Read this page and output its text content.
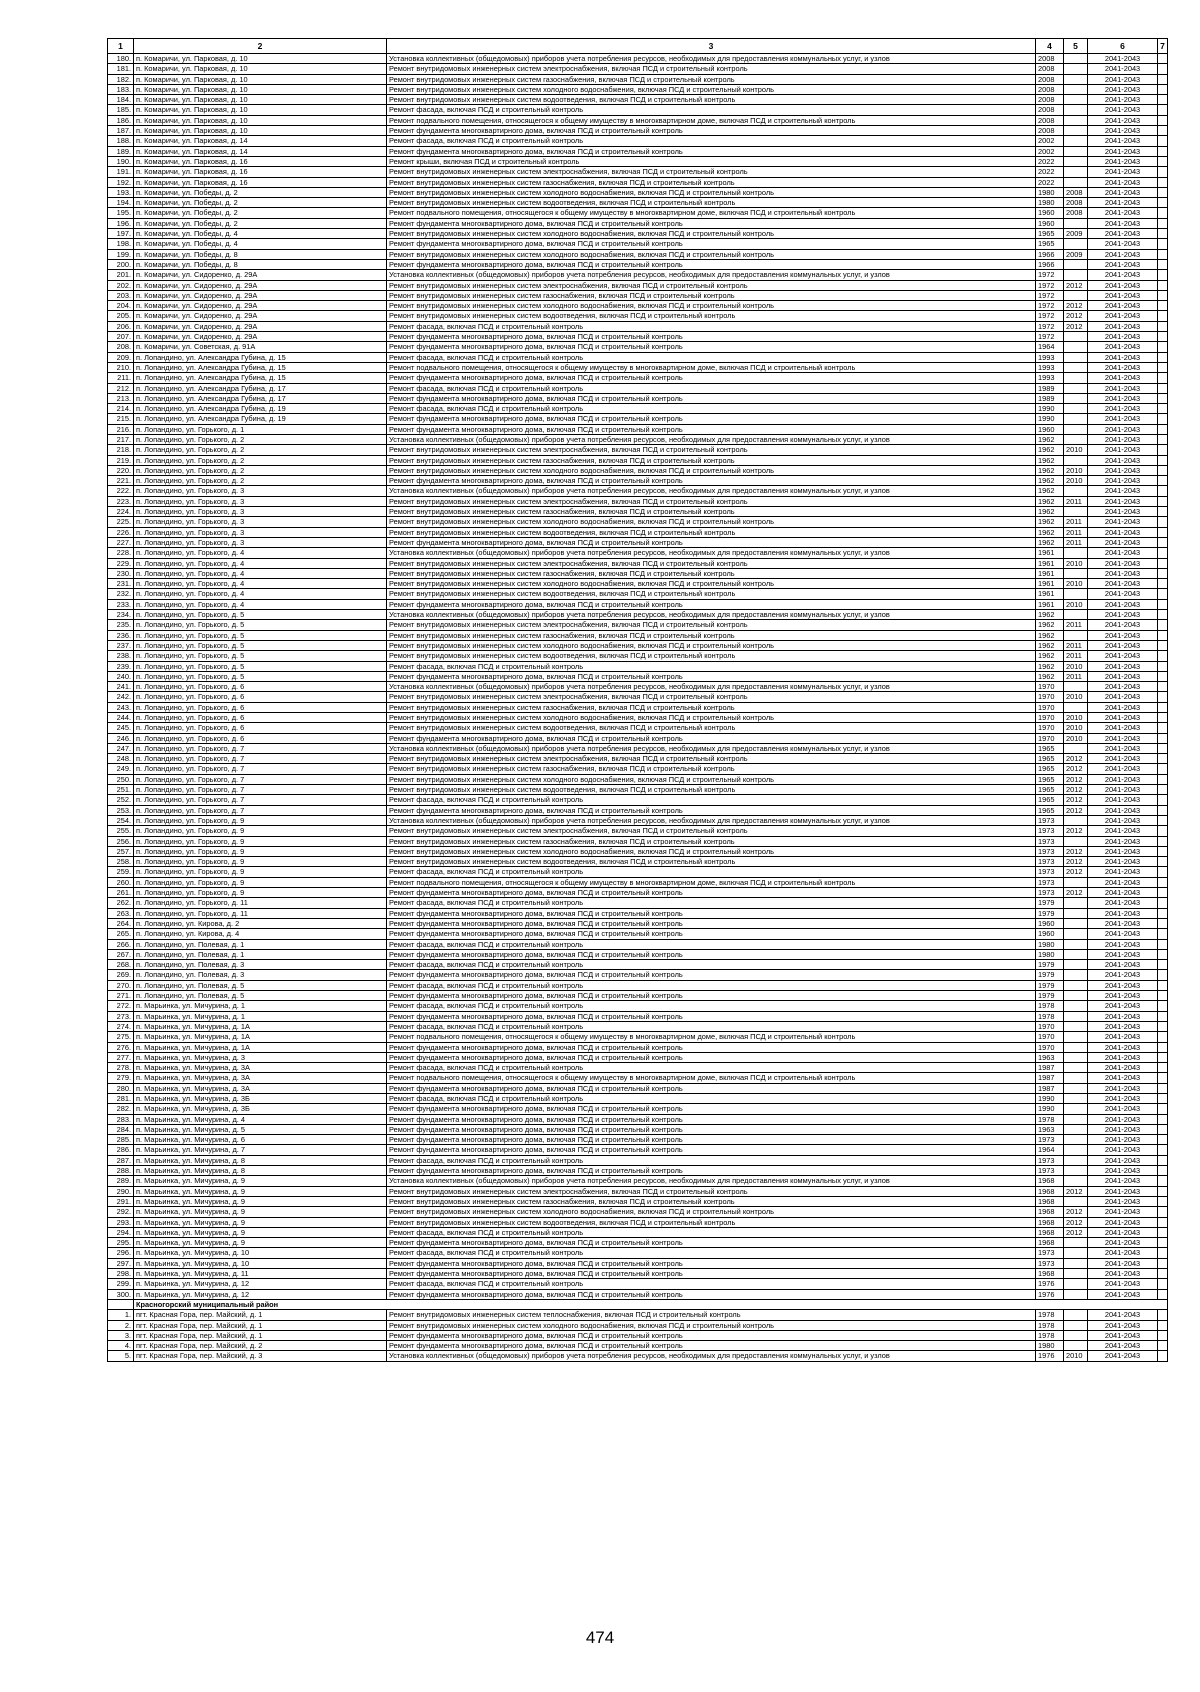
1	2	3	4	5	6	7
180.	п. Комаричи, ул. Парковая, д. 10	Установка коллективных (общедомовых) приборов учета потребления ресурсов, необходимых для предоставления коммунальных услуг, и узлов	2008		2041-2043	
181.	п. Комаричи, ул. Парковая, д. 10	Ремонт внутридомовых инженерных систем электроснабжения, включая ПСД и строительный контроль	2008		2041-2043	
182.	п. Комаричи, ул. Парковая, д. 10	Ремонт внутридомовых инженерных систем газоснабжения, включая ПСД и строительный контроль	2008		2041-2043	
183.	п. Комаричи, ул. Парковая, д. 10	Ремонт внутридомовых инженерных систем холодного водоснабжения, включая ПСД и строительный контроль	2008		2041-2043	
184.	п. Комаричи, ул. Парковая, д. 10	Ремонт внутридомовых инженерных систем водоотведения, включая ПСД и строительный контроль	2008		2041-2043	
185.	п. Комаричи, ул. Парковая, д. 10	Ремонт фасада, включая ПСД и строительный контроль	2008		2041-2043	
186.	п. Комаричи, ул. Парковая, д. 10	Ремонт подвального помещения, относящегося к общему имуществу в многоквартирном доме, включая ПСД и строительный контроль	2008		2041-2043	
187.	п. Комаричи, ул. Парковая, д. 10	Ремонт фундамента многоквартирного дома, включая ПСД и строительный контроль	2008		2041-2043	
188.	п. Комаричи, ул. Парковая, д. 14	Ремонт фасада, включая ПСД и строительный контроль	2002		2041-2043	
189.	п. Комаричи, ул. Парковая, д. 14	Ремонт фундамента многоквартирного дома, включая ПСД и строительный контроль	2002		2041-2043	
190.	п. Комаричи, ул. Парковая, д. 16	Ремонт крыши, включая ПСД и строительный контроль	2022		2041-2043	
191.	п. Комаричи, ул. Парковая, д. 16	Ремонт внутридомовых инженерных систем электроснабжения, включая ПСД и строительный контроль	2022		2041-2043	
192.	п. Комаричи, ул. Парковая, д. 16	Ремонт внутридомовых инженерных систем газоснабжения, включая ПСД и строительный контроль	2022		2041-2043	
193.	п. Комаричи, ул. Победы, д. 2	Ремонт внутридомовых инженерных систем холодного водоснабжения, включая ПСД и строительный контроль	1980	2008	2041-2043	
194.	п. Комаричи, ул. Победы, д. 2	Ремонт внутридомовых инженерных систем водоотведения, включая ПСД и строительный контроль	1980	2008	2041-2043	
195.	п. Комаричи, ул. Победы, д. 2	Ремонт подвального помещения, относящегося к общему имуществу в многоквартирном доме, включая ПСД и строительный контроль	1960	2008	2041-2043	
196.	п. Комаричи, ул. Победы, д. 2	Ремонт фундамента многоквартирного дома, включая ПСД и строительный контроль	1960		2041-2043	
197.	п. Комаричи, ул. Победы, д. 4	Ремонт внутридомовых инженерных систем холодного водоснабжения, включая ПСД и строительный контроль	1965	2009	2041-2043	
198.	п. Комаричи, ул. Победы, д. 4	Ремонт фундамента многоквартирного дома, включая ПСД и строительный контроль	1965		2041-2043	
199.	п. Комаричи, ул. Победы, д. 8	Ремонт внутридомовых инженерных систем холодного водоснабжения, включая ПСД и строительный контроль	1966	2009	2041-2043	
200.	п. Комаричи, ул. Победы, д. 8	Ремонт фундамента многоквартирного дома, включая ПСД и строительный контроль	1966		2041-2043	
201.	п. Комаричи, ул. Сидоренко, д. 29А	Установка коллективных (общедомовых) приборов учета потребления ресурсов, необходимых для предоставления коммунальных услуг, и узлов	1972		2041-2043	
202.	п. Комаричи, ул. Сидоренко, д. 29А	Ремонт внутридомовых инженерных систем электроснабжения, включая ПСД и строительный контроль	1972	2012	2041-2043	
203.	п. Комаричи, ул. Сидоренко, д. 29А	Ремонт внутридомовых инженерных систем газоснабжения, включая ПСД и строительный контроль	1972		2041-2043	
204.	п. Комаричи, ул. Сидоренко, д. 29А	Ремонт внутридомовых инженерных систем холодного водоснабжения, включая ПСД и строительный контроль	1972	2012	2041-2043	
205.	п. Комаричи, ул. Сидоренко, д. 29А	Ремонт внутридомовых инженерных систем водоотведения, включая ПСД и строительный контроль	1972	2012	2041-2043	
206.	п. Комаричи, ул. Сидоренко, д. 29А	Ремонт фасада, включая ПСД и строительный контроль	1972	2012	2041-2043	
207.	п. Комаричи, ул. Сидоренко, д. 29А	Ремонт фундамента многоквартирного дома, включая ПСД и строительный контроль	1972		2041-2043	
208.	п. Комаричи, ул. Советская, д. 91А	Ремонт фундамента многоквартирного дома, включая ПСД и строительный контроль	1964		2041-2043	
209.	п. Лопандино, ул. Александра Губина, д. 15	Ремонт фасада, включая ПСД и строительный контроль	1993		2041-2043	
210.	п. Лопандино, ул. Александра Губина, д. 15	Ремонт подвального помещения, относящегося к общему имуществу в многоквартирном доме, включая ПСД и строительный контроль	1993		2041-2043	
211.	п. Лопандино, ул. Александра Губина, д. 15	Ремонт фундамента многоквартирного дома, включая ПСД и строительный контроль	1993		2041-2043	
212.	п. Лопандино, ул. Александра Губина, д. 17	Ремонт фасада, включая ПСД и строительный контроль	1989		2041-2043	
213.	п. Лопандино, ул. Александра Губина, д. 17	Ремонт фундамента многоквартирного дома, включая ПСД и строительный контроль	1989		2041-2043	
214.	п. Лопандино, ул. Александра Губина, д. 19	Ремонт фасада, включая ПСД и строительный контроль	1990		2041-2043	
215.	п. Лопандино, ул. Александра Губина, д. 19	Ремонт фундамента многоквартирного дома, включая ПСД и строительный контроль	1990		2041-2043	
216.	п. Лопандино, ул. Горького, д. 1	Ремонт фундамента многоквартирного дома, включая ПСД и строительный контроль	1960		2041-2043	
217.	п. Лопандино, ул. Горького, д. 2	Установка коллективных (общедомовых) приборов учета потребления ресурсов, необходимых для предоставления коммунальных услуг, и узлов	1962		2041-2043	
218.	п. Лопандино, ул. Горького, д. 2	Ремонт внутридомовых инженерных систем электроснабжения, включая ПСД и строительный контроль	1962	2010	2041-2043	
219.	п. Лопандино, ул. Горького, д. 2	Ремонт внутридомовых инженерных систем газоснабжения, включая ПСД и строительный контроль	1962		2041-2043	
220.	п. Лопандино, ул. Горького, д. 2	Ремонт внутридомовых инженерных систем холодного водоснабжения, включая ПСД и строительный контроль	1962	2010	2041-2043	
221.	п. Лопандино, ул. Горького, д. 2	Ремонт фундамента многоквартирного дома, включая ПСД и строительный контроль	1962	2010	2041-2043	
222.	п. Лопандино, ул. Горького, д. 3	Установка коллективных (общедомовых) приборов учета потребления ресурсов, необходимых для предоставления коммунальных услуг, и узлов	1962		2041-2043	
223.	п. Лопандино, ул. Горького, д. 3	Ремонт внутридомовых инженерных систем электроснабжения, включая ПСД и строительный контроль	1962	2011	2041-2043	
224.	п. Лопандино, ул. Горького, д. 3	Ремонт внутридомовых инженерных систем газоснабжения, включая ПСД и строительный контроль	1962		2041-2043	
225.	п. Лопандино, ул. Горького, д. 3	Ремонт внутридомовых инженерных систем холодного водоснабжения, включая ПСД и строительный контроль	1962	2011	2041-2043	
226.	п. Лопандино, ул. Горького, д. 3	Ремонт внутридомовых инженерных систем водоотведения, включая ПСД и строительный контроль	1962	2011	2041-2043	
227.	п. Лопандино, ул. Горького, д. 3	Ремонт фундамента многоквартирного дома, включая ПСД и строительный контроль	1962	2011	2041-2043	
228.	п. Лопандино, ул. Горького, д. 4	Установка коллективных (общедомовых) приборов учета потребления ресурсов, необходимых для предоставления коммунальных услуг, и узлов	1961		2041-2043	
229.	п. Лопандино, ул. Горького, д. 4	Ремонт внутридомовых инженерных систем электроснабжения, включая ПСД и строительный контроль	1961	2010	2041-2043	
230.	п. Лопандино, ул. Горького, д. 4	Ремонт внутридомовых инженерных систем газоснабжения, включая ПСД и строительный контроль	1961		2041-2043	
231.	п. Лопандино, ул. Горького, д. 4	Ремонт внутридомовых инженерных систем холодного водоснабжения, включая ПСД и строительный контроль	1961	2010	2041-2043	
232.	п. Лопандино, ул. Горького, д. 4	Ремонт внутридомовых инженерных систем водоотведения, включая ПСД и строительный контроль	1961		2041-2043	
233.	п. Лопандино, ул. Горького, д. 4	Ремонт фундамента многоквартирного дома, включая ПСД и строительный контроль	1961	2010	2041-2043	
234.	п. Лопандино, ул. Горького, д. 5	Установка коллективных (общедомовых) приборов учета потребления ресурсов, необходимых для предоставления коммунальных услуг, и узлов	1962		2041-2043	
235.	п. Лопандино, ул. Горького, д. 5	Ремонт внутридомовых инженерных систем электроснабжения, включая ПСД и строительный контроль	1962	2011	2041-2043	
236.	п. Лопандино, ул. Горького, д. 5	Ремонт внутридомовых инженерных систем газоснабжения, включая ПСД и строительный контроль	1962		2041-2043	
237.	п. Лопандино, ул. Горького, д. 5	Ремонт внутридомовых инженерных систем холодного водоснабжения, включая ПСД и строительный контроль	1962	2011	2041-2043	
238.	п. Лопандино, ул. Горького, д. 5	Ремонт внутридомовых инженерных систем водоотведения, включая ПСД и строительный контроль	1962	2011	2041-2043	
239.	п. Лопандино, ул. Горького, д. 5	Ремонт фасада, включая ПСД и строительный контроль	1962	2010	2041-2043	
240.	п. Лопандино, ул. Горького, д. 5	Ремонт фундамента многоквартирного дома, включая ПСД и строительный контроль	1962	2011	2041-2043	
241.	п. Лопандино, ул. Горького, д. 6	Установка коллективных (общедомовых) приборов учета потребления ресурсов, необходимых для предоставления коммунальных услуг, и узлов	1970		2041-2043	
242.	п. Лопандино, ул. Горького, д. 6	Ремонт внутридомовых инженерных систем электроснабжения, включая ПСД и строительный контроль	1970	2010	2041-2043	
243.	п. Лопандино, ул. Горького, д. 6	Ремонт внутридомовых инженерных систем газоснабжения, включая ПСД и строительный контроль	1970		2041-2043	
244.	п. Лопандино, ул. Горького, д. 6	Ремонт внутридомовых инженерных систем холодного водоснабжения, включая ПСД и строительный контроль	1970	2010	2041-2043	
245.	п. Лопандино, ул. Горького, д. 6	Ремонт внутридомовых инженерных систем водоотведения, включая ПСД и строительный контроль	1970	2010	2041-2043	
246.	п. Лопандино, ул. Горького, д. 6	Ремонт фундамента многоквартирного дома, включая ПСД и строительный контроль	1970	2010	2041-2043	
247.	п. Лопандино, ул. Горького, д. 7	Установка коллективных (общедомовых) приборов учета потребления ресурсов, необходимых для предоставления коммунальных услуг, и узлов	1965		2041-2043	
248.	п. Лопандино, ул. Горького, д. 7	Ремонт внутридомовых инженерных систем электроснабжения, включая ПСД и строительный контроль	1965	2012	2041-2043	
249.	п. Лопандино, ул. Горького, д. 7	Ремонт внутридомовых инженерных систем газоснабжения, включая ПСД и строительный контроль	1965	2012	2041-2043	
250.	п. Лопандино, ул. Горького, д. 7	Ремонт внутридомовых инженерных систем холодного водоснабжения, включая ПСД и строительный контроль	1965	2012	2041-2043	
251.	п. Лопандино, ул. Горького, д. 7	Ремонт внутридомовых инженерных систем водоотведения, включая ПСД и строительный контроль	1965	2012	2041-2043	
252.	п. Лопандино, ул. Горького, д. 7	Ремонт фасада, включая ПСД и строительный контроль	1965	2012	2041-2043	
253.	п. Лопандино, ул. Горького, д. 7	Ремонт фундамента многоквартирного дома, включая ПСД и строительный контроль	1965	2012	2041-2043	
254.	п. Лопандино, ул. Горького, д. 9	Установка коллективных (общедомовых) приборов учета потребления ресурсов, необходимых для предоставления коммунальных услуг, и узлов	1973		2041-2043	
255.	п. Лопандино, ул. Горького, д. 9	Ремонт внутридомовых инженерных систем электроснабжения, включая ПСД и строительный контроль	1973	2012	2041-2043	
256.	п. Лопандино, ул. Горького, д. 9	Ремонт внутридомовых инженерных систем газоснабжения, включая ПСД и строительный контроль	1973		2041-2043	
257.	п. Лопандино, ул. Горького, д. 9	Ремонт внутридомовых инженерных систем холодного водоснабжения, включая ПСД и строительный контроль	1973	2012	2041-2043	
258.	п. Лопандино, ул. Горького, д. 9	Ремонт внутридомовых инженерных систем водоотведения, включая ПСД и строительный контроль	1973	2012	2041-2043	
259.	п. Лопандино, ул. Горького, д. 9	Ремонт фасада, включая ПСД и строительный контроль	1973	2012	2041-2043	
260.	п. Лопандино, ул. Горького, д. 9	Ремонт подвального помещения, относящегося к общему имуществу в многоквартирном доме, включая ПСД и строительный контроль	1973		2041-2043	
261.	п. Лопандино, ул. Горького, д. 9	Ремонт фундамента многоквартирного дома, включая ПСД и строительный контроль	1973	2012	2041-2043	
262.	п. Лопандино, ул. Горького, д. 11	Ремонт фасада, включая ПСД и строительный контроль	1979		2041-2043	
263.	п. Лопандино, ул. Горького, д. 11	Ремонт фундамента многоквартирного дома, включая ПСД и строительный контроль	1979		2041-2043	
264.	п. Лопандино, ул. Кирова, д. 2	Ремонт фундамента многоквартирного дома, включая ПСД и строительный контроль	1960		2041-2043	
265.	п. Лопандино, ул. Кирова, д. 4	Ремонт фундамента многоквартирного дома, включая ПСД и строительный контроль	1960		2041-2043	
266.	п. Лопандино, ул. Полевая, д. 1	Ремонт фасада, включая ПСД и строительный контроль	1980		2041-2043	
267.	п. Лопандино, ул. Полевая, д. 1	Ремонт фундамента многоквартирного дома, включая ПСД и строительный контроль	1980		2041-2043	
268.	п. Лопандино, ул. Полевая, д. 3	Ремонт фасада, включая ПСД и строительный контроль	1979		2041-2043	
269.	п. Лопандино, ул. Полевая, д. 3	Ремонт фундамента многоквартирного дома, включая ПСД и строительный контроль	1979		2041-2043	
270.	п. Лопандино, ул. Полевая, д. 5	Ремонт фасада, включая ПСД и строительный контроль	1979		2041-2043	
271.	п. Лопандино, ул. Полевая, д. 5	Ремонт фундамента многоквартирного дома, включая ПСД и строительный контроль	1979		2041-2043	
272.	п. Марьинка, ул. Мичурина, д. 1	Ремонт фасада, включая ПСД и строительный контроль	1978		2041-2043	
273.	п. Марьинка, ул. Мичурина, д. 1	Ремонт фундамента многоквартирного дома, включая ПСД и строительный контроль	1978		2041-2043	
274.	п. Марьинка, ул. Мичурина, д. 1А	Ремонт фасада, включая ПСД и строительный контроль	1970		2041-2043	
275.	п. Марьинка, ул. Мичурина, д. 1А	Ремонт подвального помещения, относящегося к общему имуществу в многоквартирном доме, включая ПСД и строительный контроль	1970		2041-2043	
276.	п. Марьинка, ул. Мичурина, д. 1А	Ремонт фундамента многоквартирного дома, включая ПСД и строительный контроль	1970		2041-2043	
277.	п. Марьинка, ул. Мичурина, д. 3	Ремонт фундамента многоквартирного дома, включая ПСД и строительный контроль	1963		2041-2043	
278.	п. Марьинка, ул. Мичурина, д. 3А	Ремонт фасада, включая ПСД и строительный контроль	1987		2041-2043	
279.	п. Марьинка, ул. Мичурина, д. 3А	Ремонт подвального помещения, относящегося к общему имуществу в многоквартирном доме, включая ПСД и строительный контроль	1987		2041-2043	
280.	п. Марьинка, ул. Мичурина, д. 3А	Ремонт фундамента многоквартирного дома, включая ПСД и строительный контроль	1987		2041-2043	
281.	п. Марьинка, ул. Мичурина, д. 3Б	Ремонт фасада, включая ПСД и строительный контроль	1990		2041-2043	
282.	п. Марьинка, ул. Мичурина, д. 3Б	Ремонт фундамента многоквартирного дома, включая ПСД и строительный контроль	1990		2041-2043	
283.	п. Марьинка, ул. Мичурина, д. 4	Ремонт фундамента многоквартирного дома, включая ПСД и строительный контроль	1978		2041-2043	
284.	п. Марьинка, ул. Мичурина, д. 5	Ремонт фундамента многоквартирного дома, включая ПСД и строительный контроль	1963		2041-2043	
285.	п. Марьинка, ул. Мичурина, д. 6	Ремонт фундамента многоквартирного дома, включая ПСД и строительный контроль	1973		2041-2043	
286.	п. Марьинка, ул. Мичурина, д. 7	Ремонт фундамента многоквартирного дома, включая ПСД и строительный контроль	1964		2041-2043	
287.	п. Марьинка, ул. Мичурина, д. 8	Ремонт фасада, включая ПСД и строительный контроль	1973		2041-2043	
288.	п. Марьинка, ул. Мичурина, д. 8	Ремонт фундамента многоквартирного дома, включая ПСД и строительный контроль	1973		2041-2043	
289.	п. Марьинка, ул. Мичурина, д. 9	Установка коллективных (общедомовых) приборов учета потребления ресурсов, необходимых для предоставления коммунальных услуг, и узлов	1968		2041-2043	
290.	п. Марьинка, ул. Мичурина, д. 9	Ремонт внутридомовых инженерных систем электроснабжения, включая ПСД и строительный контроль	1968	2012	2041-2043	
291.	п. Марьинка, ул. Мичурина, д. 9	Ремонт внутридомовых инженерных систем газоснабжения, включая ПСД и строительный контроль	1968		2041-2043	
292.	п. Марьинка, ул. Мичурина, д. 9	Ремонт внутридомовых инженерных систем холодного водоснабжения, включая ПСД и строительный контроль	1968	2012	2041-2043	
293.	п. Марьинка, ул. Мичурина, д. 9	Ремонт внутридомовых инженерных систем водоотведения, включая ПСД и строительный контроль	1968	2012	2041-2043	
294.	п. Марьинка, ул. Мичурина, д. 9	Ремонт фасада, включая ПСД и строительный контроль	1968	2012	2041-2043	
295.	п. Марьинка, ул. Мичурина, д. 9	Ремонт фундамента многоквартирного дома, включая ПСД и строительный контроль	1968		2041-2043	
296.	п. Марьинка, ул. Мичурина, д. 10	Ремонт фасада, включая ПСД и строительный контроль	1973		2041-2043	
297.	п. Марьинка, ул. Мичурина, д. 10	Ремонт фундамента многоквартирного дома, включая ПСД и строительный контроль	1973		2041-2043	
298.	п. Марьинка, ул. Мичурина, д. 11	Ремонт фундамента многоквартирного дома, включая ПСД и строительный контроль	1968		2041-2043	
299.	п. Марьинка, ул. Мичурина, д. 12	Ремонт фасада, включая ПСД и строительный контроль	1976		2041-2043	
300.	п. Марьинка, ул. Мичурина, д. 12	Ремонт фундамента многоквартирного дома, включая ПСД и строительный контроль	1976		2041-2043	
	Красногорский муниципальный район					
1.	пгт. Красная Гора, пер. Майский, д. 1	Ремонт внутридомовых инженерных систем теплоснабжения, включая ПСД и строительный контроль	1978		2041-2043	
2.	пгт. Красная Гора, пер. Майский, д. 1	Ремонт внутридомовых инженерных систем холодного водоснабжения, включая ПСД и строительный контроль	1978		2041-2043	
3.	пгт. Красная Гора, пер. Майский, д. 1	Ремонт фундамента многоквартирного дома, включая ПСД и строительный контроль	1978		2041-2043	
4.	пгт. Красная Гора, пер. Майский, д. 2	Ремонт фундамента многоквартирного дома, включая ПСД и строительный контроль	1980		2041-2043	
5.	пгт. Красная Гора, пер. Майский, д. 3	Установка коллективных (общедомовых) приборов учета потребления ресурсов, необходимых для предоставления коммунальных услуг, и узлов	1976	2010	2041-2043	
474
